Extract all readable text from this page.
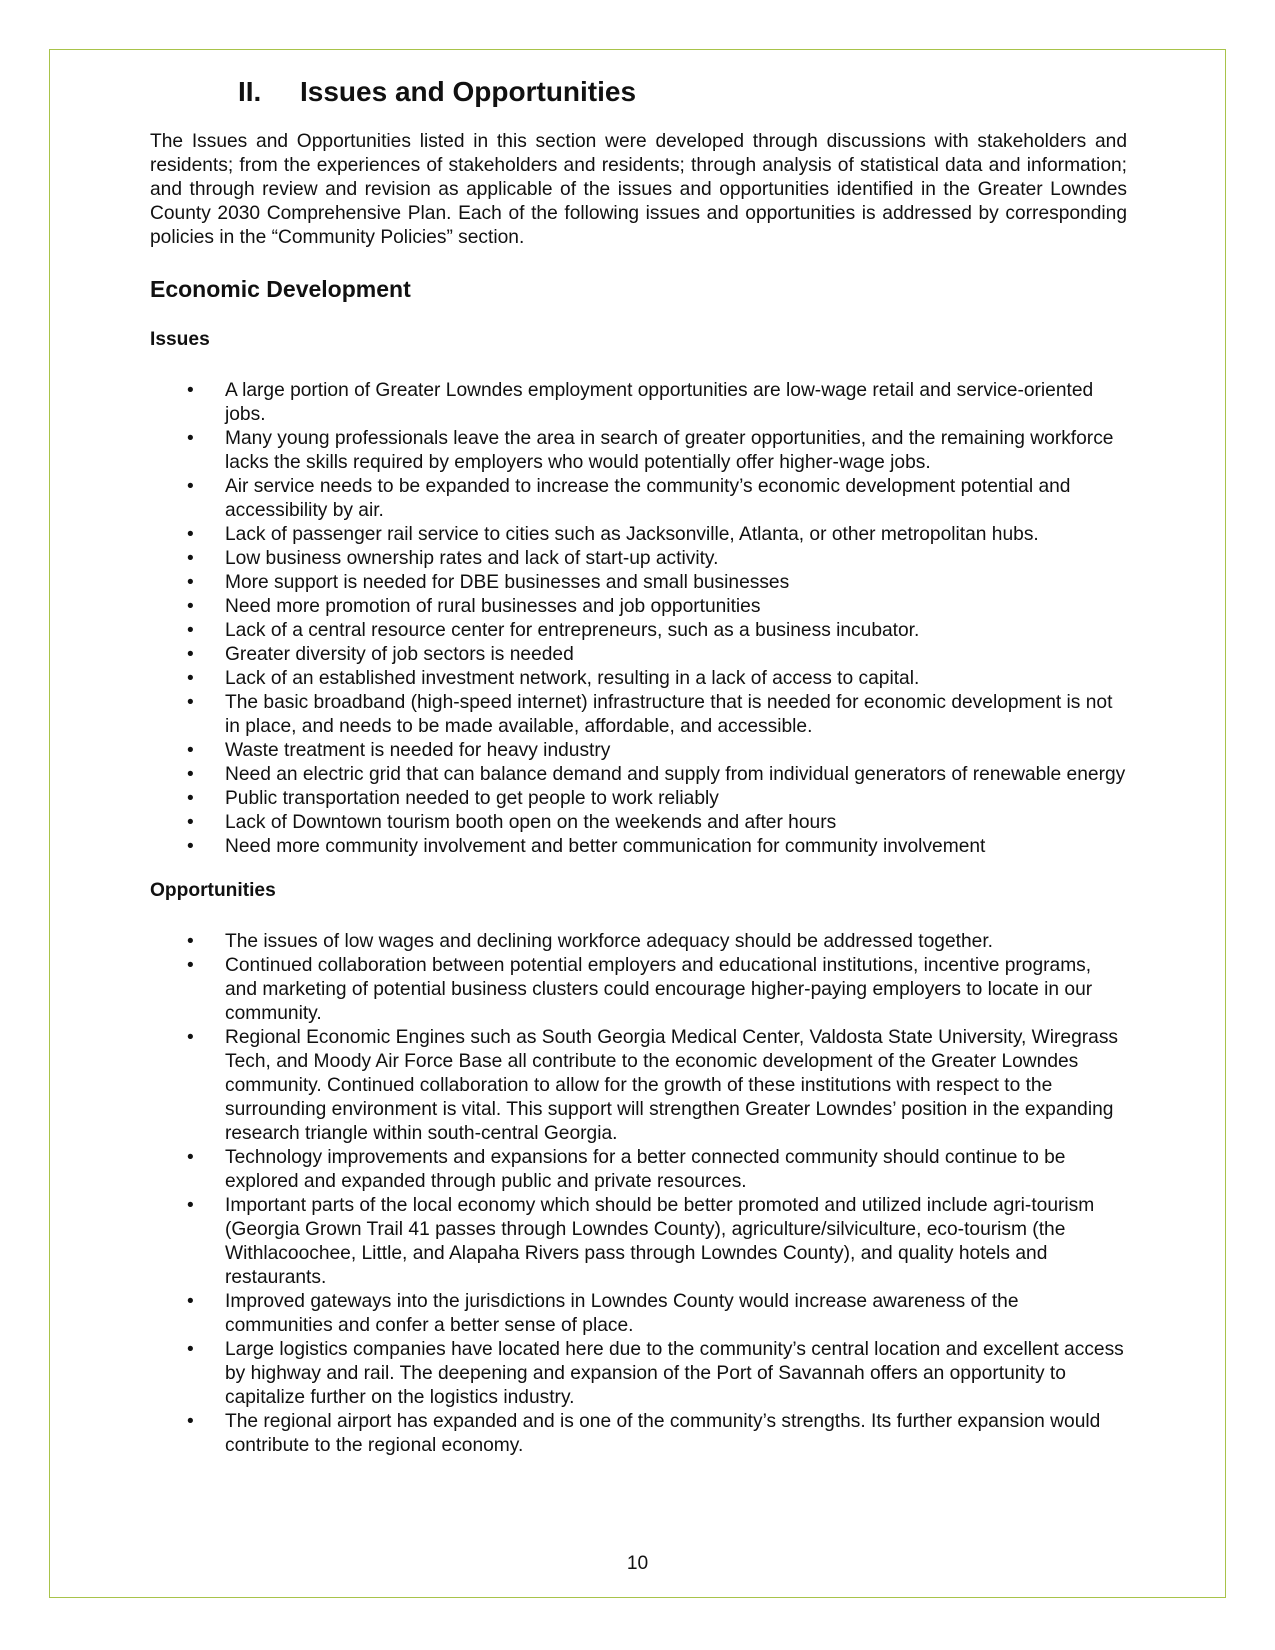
II.	Issues and Opportunities

The Issues and Opportunities listed in this section were developed through discussions with stakeholders and residents; from the experiences of stakeholders and residents; through analysis of statistical data and information; and through review and revision as applicable of the issues and opportunities identified in the Greater Lowndes County 2030 Comprehensive Plan. Each of the following issues and opportunities is addressed by corresponding policies in the “Community Policies” section.

Economic Development
Issues
• A large portion of Greater Lowndes employment opportunities are low-wage retail and service-oriented jobs.
• Many young professionals leave the area in search of greater opportunities, and the remaining workforce lacks the skills required by employers who would potentially offer higher-wage jobs.
• Air service needs to be expanded to increase the community’s economic development potential and accessibility by air.
• Lack of passenger rail service to cities such as Jacksonville, Atlanta, or other metropolitan hubs.
• Low business ownership rates and lack of start-up activity.
• More support is needed for DBE businesses and small businesses
• Need more promotion of rural businesses and job opportunities
• Lack of a central resource center for entrepreneurs, such as a business incubator.
• Greater diversity of job sectors is needed
• Lack of an established investment network, resulting in a lack of access to capital.
• The basic broadband (high-speed internet) infrastructure that is needed for economic development is not in place, and needs to be made available, affordable, and accessible.
• Waste treatment is needed for heavy industry
• Need an electric grid that can balance demand and supply from individual generators of renewable energy
• Public transportation needed to get people to work reliably
• Lack of Downtown tourism booth open on the weekends and after hours
• Need more community involvement and better communication for community involvement
Opportunities
• The issues of low wages and declining workforce adequacy should be addressed together.
• Continued collaboration between potential employers and educational institutions, incentive programs, and marketing of potential business clusters could encourage higher-paying employers to locate in our community.
• Regional Economic Engines such as South Georgia Medical Center, Valdosta State University, Wiregrass Tech, and Moody Air Force Base all contribute to the economic development of the Greater Lowndes community. Continued collaboration to allow for the growth of these institutions with respect to the surrounding environment is vital. This support will strengthen Greater Lowndes’ position in the expanding research triangle within south-central Georgia.
• Technology improvements and expansions for a better connected community should continue to be explored and expanded through public and private resources.
• Important parts of the local economy which should be better promoted and utilized include agri-tourism (Georgia Grown Trail 41 passes through Lowndes County), agriculture/silviculture, eco-tourism (the Withlacoochee, Little, and Alapaha Rivers pass through Lowndes County), and quality hotels and restaurants.
• Improved gateways into the jurisdictions in Lowndes County would increase awareness of the communities and confer a better sense of place.
• Large logistics companies have located here due to the community’s central location and excellent access by highway and rail. The deepening and expansion of the Port of Savannah offers an opportunity to capitalize further on the logistics industry.
• The regional airport has expanded and is one of the community’s strengths. Its further expansion would contribute to the regional economy.
10
